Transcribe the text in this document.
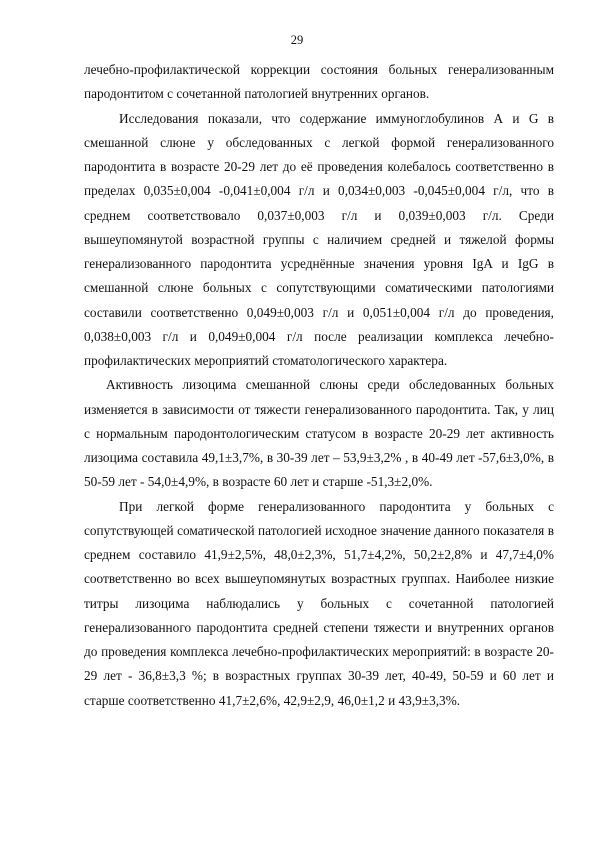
29

лечебно-профилактической коррекции состояния больных генерализованным пародонтитом с сочетанной патологией внутренних органов.

Исследования показали, что содержание иммуноглобулинов А и G в смешанной слюне у обследованных с легкой формой генерализованного пародонтита в возрасте 20-29 лет до её проведения колебалось соответственно в пределах 0,035±0,004 -0,041±0,004 г/л и 0,034±0,003 -0,045±0,004 г/л, что в среднем соответствовало 0,037±0,003 г/л и 0,039±0,003 г/л. Среди вышеупомянутой возрастной группы с наличием средней и тяжелой формы генерализованного пародонтита усреднённые значения уровня IgA и IgG в смешанной слюне больных с сопутствующими соматическими патологиями составили соответственно 0,049±0,003 г/л и 0,051±0,004 г/л до проведения, 0,038±0,003 г/л и 0,049±0,004 г/л после реализации комплекса лечебно-профилактических мероприятий стоматологического характера.

Активность лизоцима смешанной слюны среди обследованных больных изменяется в зависимости от тяжести генерализованного пародонтита. Так, у лиц с нормальным пародонтологическим статусом в возрасте 20-29 лет активность лизоцима составила 49,1±3,7%, в 30-39 лет – 53,9±3,2% , в 40-49 лет -57,6±3,0%, в 50-59 лет - 54,0±4,9%, в возрасте 60 лет и старше -51,3±2,0%.

При легкой форме генерализованного пародонтита у больных с сопутствующей соматической патологией исходное значение данного показателя в среднем составило 41,9±2,5%, 48,0±2,3%, 51,7±4,2%, 50,2±2,8% и 47,7±4,0% соответственно во всех вышеупомянутых возрастных группах. Наиболее низкие титры лизоцима наблюдались у больных с сочетанной патологией генерализованного пародонтита средней степени тяжести и внутренних органов до проведения комплекса лечебно-профилактических мероприятий: в возрасте 20-29 лет - 36,8±3,3 %; в возрастных группах 30-39 лет, 40-49, 50-59 и 60 лет и старше соответственно 41,7±2,6%, 42,9±2,9, 46,0±1,2 и 43,9±3,3%.
